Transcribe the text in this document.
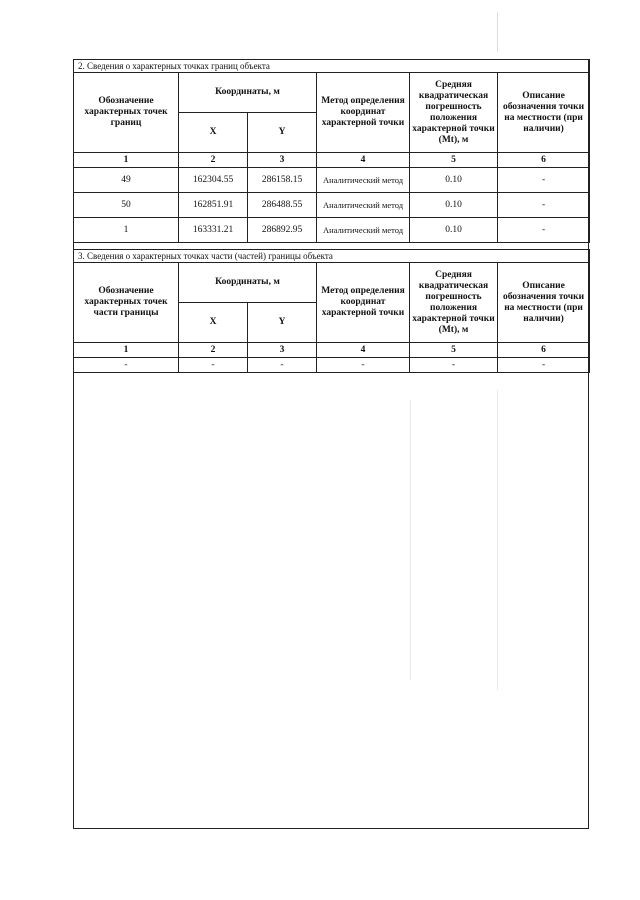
2. Сведения о характерных точках границ объекта					
Обозначение характерных точек границ	Координаты, м		Метод определения координат характерной точки	Средняя квадратическая погрешность положения характерной точки (Mt), м	Описание обозначения точки на местности (при наличии)
	X	Y			
1	2	3	4	5	6
49	162304.55	286158.15	Аналитический метод	0.10	-
50	162851.91	286488.55	Аналитический метод	0.10	-
1	163331.21	286892.95	Аналитический метод	0.10	-
3. Сведения о характерных точках части (частей) границы объекта					
Обозначение характерных точек части границы	Координаты, м		Метод определения координат характерной точки	Средняя квадратическая погрешность положения характерной точки (Mt), м	Описание обозначения точки на местности (при наличии)
	X	Y			
1	2	3	4	5	6
-	-	-	-	-	-
